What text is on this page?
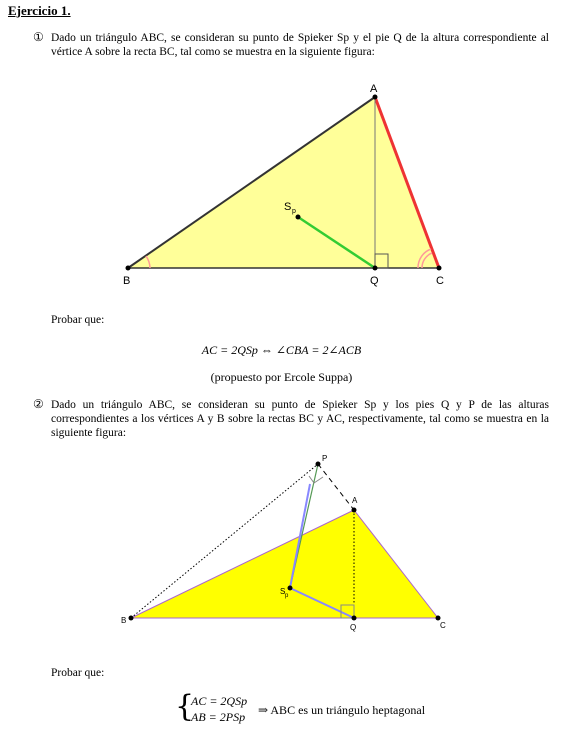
Ejercicio 1.
① Dado un triángulo ABC, se consideran su punto de Spieker Sp y el pie Q de la altura correspondiente al vértice A sobre la recta BC, tal como se muestra en la siguiente figura:
A
B	C
Q
S p
A
B
C
Q
P
S p
Probar que:
AC = 2QSp ⇔ ∠CBA = 2∠ACB
(propuesto por Ercole Suppa)
② Dado un triángulo ABC, se consideran su punto de Spieker Sp y los pies Q y P de las alturas correspondientes a los vértices A y B sobre la rectas BC y AC, respectivamente, tal como se muestra en la siguiente figura:
Probar que:
{
AC = 2QSp
AB = 2PSp ⇒ ABC es un triángulo heptagonal
